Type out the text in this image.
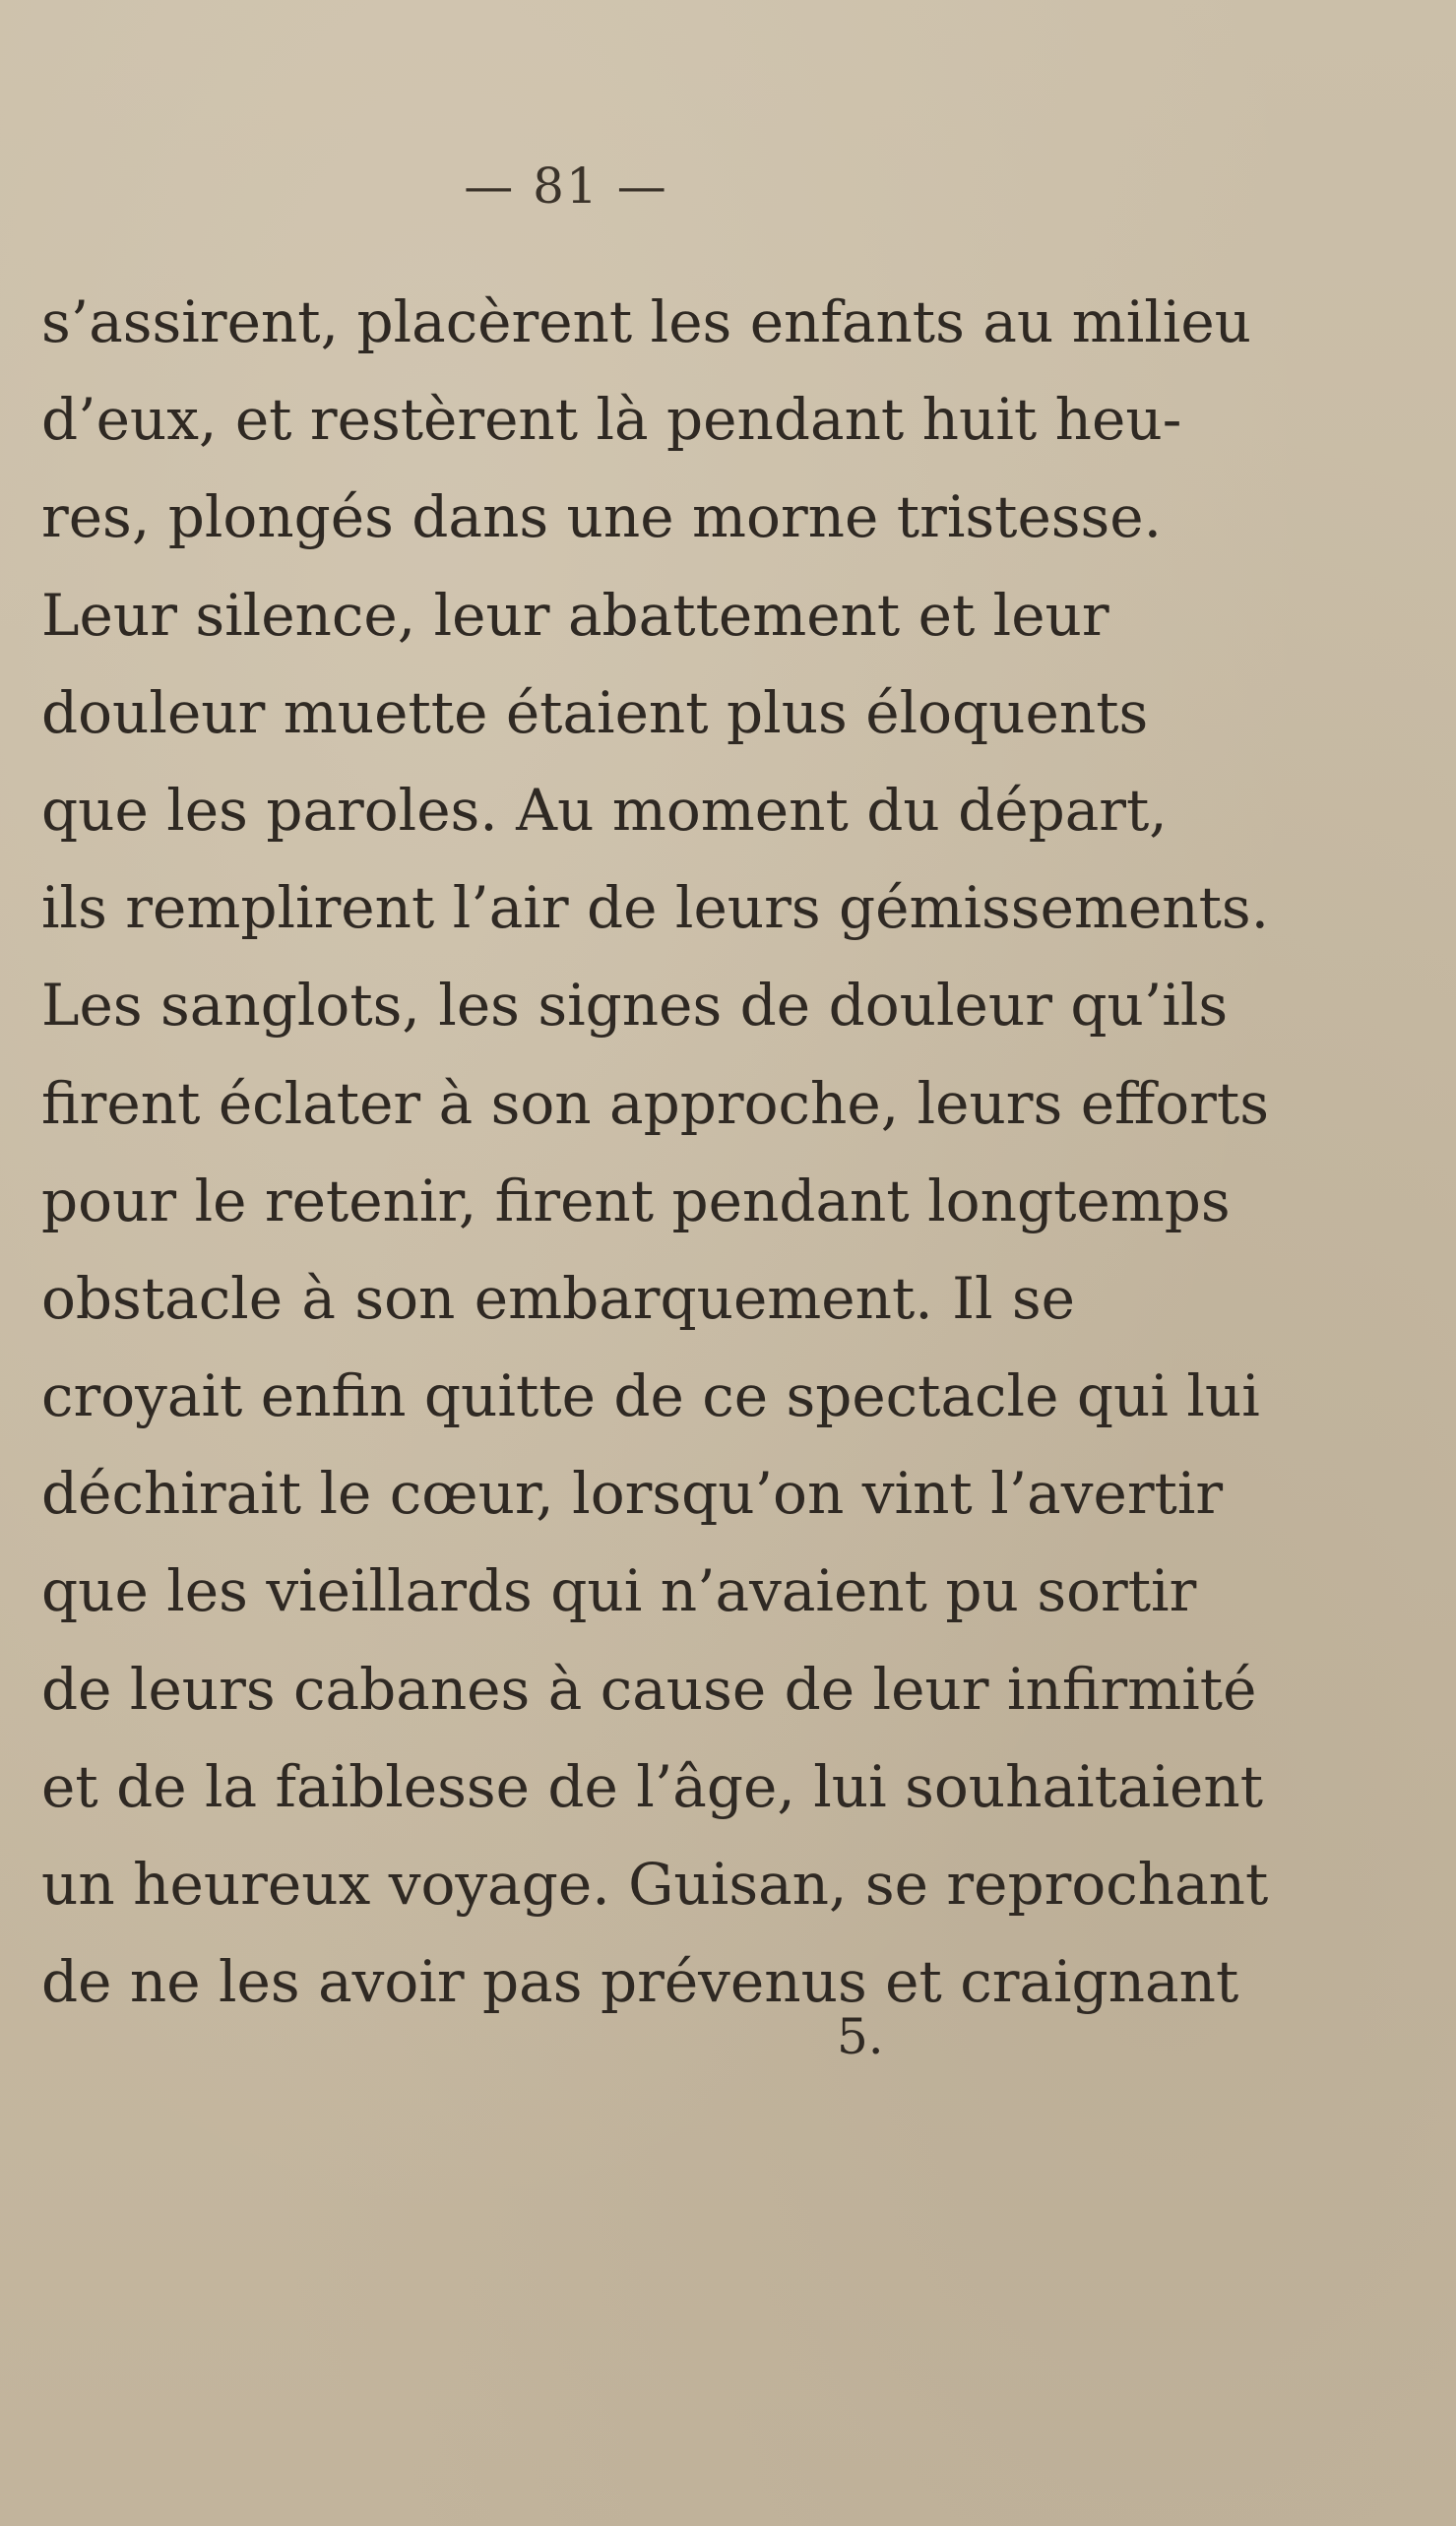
— 81 —
s’assirent, placèrent les enfants au milieu
d’eux, et restèrent là pendant huit heu-
res, plongés dans une morne tristesse.
Leur silence, leur abattement et leur
douleur muette étaient plus éloquents
que les paroles. Au moment du départ,
ils remplirent l’air de leurs gémissements.
Les sanglots, les signes de douleur qu’ils
firent éclater à son approche, leurs efforts
pour le retenir, firent pendant longtemps
obstacle à son embarquement. Il se
croyait enfin quitte de ce spectacle qui lui
déchirait le cœur, lorsqu’on vint l’avertir
que les vieillards qui n’avaient pu sortir
de leurs cabanes à cause de leur infirmité
et de la faiblesse de l’âge, lui souhaitaient
un heureux voyage. Guisan, se reprochant
de ne les avoir pas prévenus et craignant
5.
